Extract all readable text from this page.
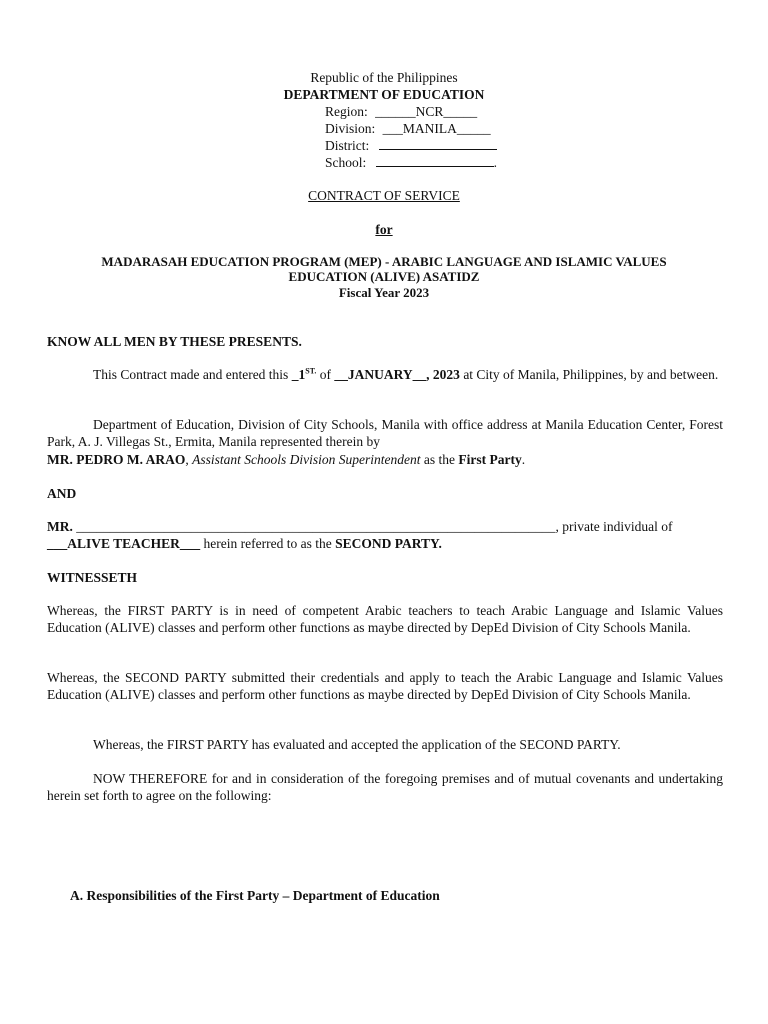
Republic of the Philippines
DEPARTMENT OF EDUCATION
Region: ______NCR_____
Division: ___MANILA_____
District:
School:	.
CONTRACT OF SERVICE
for
MADARASAH EDUCATION PROGRAM (MEP) - ARABIC LANGUAGE AND ISLAMIC VALUES
EDUCATION (ALIVE) ASATIDZ
Fiscal Year 2023
KNOW ALL MEN BY THESE PRESENTS.
This Contract made and entered this $\_1^{ST.}$ of __JANUARY__, 2023 at City of Manila, Philippines, by and between.
Department of Education, Division of City Schools, Manila with office address at Manila Education Center, Forest Park, A. J. Villegas St., Ermita, Manila represented therein by
MR. PEDRO M. ARAO, Assistant Schools Division Superintendent as the First Party.
AND
MR. _______________________________________________________________________, private individual of
___ALIVE TEACHER___ herein referred to as the SECOND PARTY.
WITNESSETH
Whereas, the FIRST PARTY is in need of competent Arabic teachers to teach Arabic Language and Islamic Values Education (ALIVE) classes and perform other functions as maybe directed by DepEd Division of City Schools Manila.
Whereas, the SECOND PARTY submitted their credentials and apply to teach the Arabic Language and Islamic Values Education (ALIVE) classes and perform other functions as maybe directed by DepEd Division of City Schools Manila.
Whereas, the FIRST PARTY has evaluated and accepted the application of the SECOND PARTY.
NOW THEREFORE for and in consideration of the foregoing premises and of mutual covenants and undertaking herein set forth to agree on the following:
A. Responsibilities of the First Party – Department of Education
